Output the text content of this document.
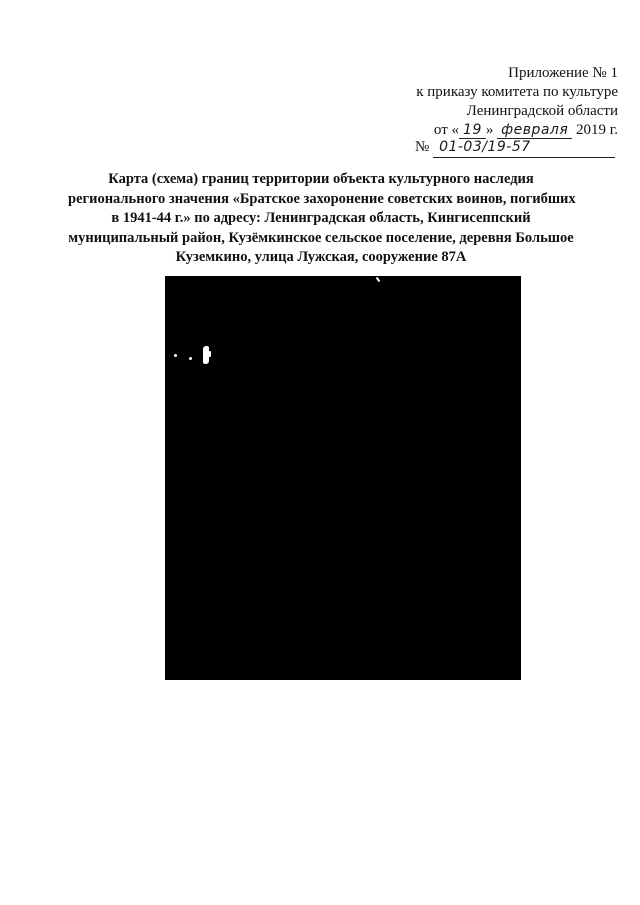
Приложение № 1
к приказу комитета по культуре
Ленинградской области
от « 19 » февраля 2019 г.
№ 01-03/19-57
Карта (схема) границ территории объекта культурного наследия
регионального значения «Братское захоронение советских воинов, погибших
в 1941-44 г.» по адресу: Ленинградская область, Кингисеппский
муниципальный район, Кузёмкинское сельское поселение, деревня Большое
Куземкино, улица Лужская, сооружение 87А
